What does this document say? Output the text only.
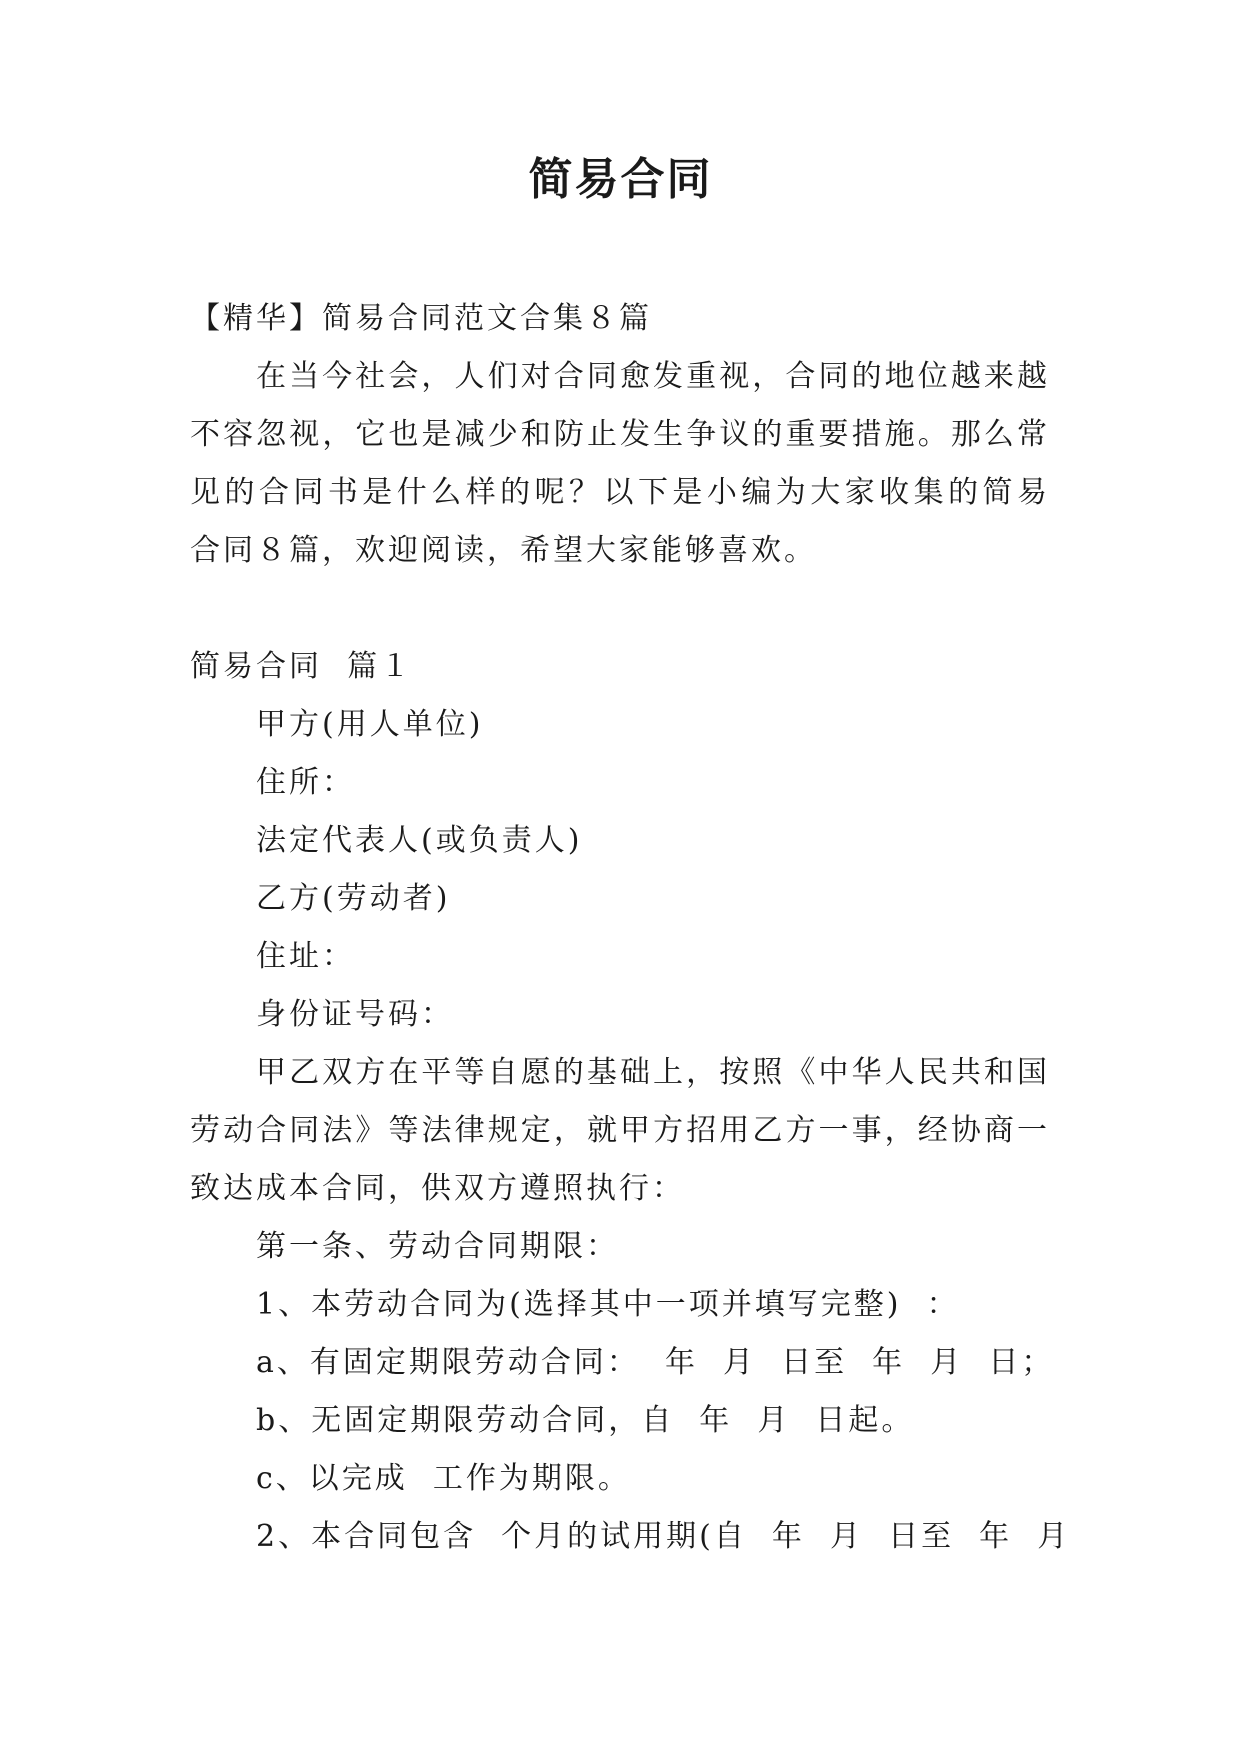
简易合同
【精华】简易合同范文合集８篇
在当今社会，人们对合同愈发重视，合同的地位越来越
不容忽视，它也是减少和防止发生争议的重要措施。那么常
见的合同书是什么样的呢？以下是小编为大家收集的简易
合同８篇，欢迎阅读，希望大家能够喜欢。
简易合同  篇１
甲方(用人单位)
住所：
法定代表人(或负责人)
乙方(劳动者)
住址：
身份证号码：
甲乙双方在平等自愿的基础上，按照《中华人民共和国
劳动合同法》等法律规定，就甲方招用乙方一事，经协商一
致达成本合同，供双方遵照执行：
第一条、劳动合同期限：
1、本劳动合同为(选择其中一项并填写完整)  ：
a、有固定期限劳动合同：  年  月  日至  年  月  日；
b、无固定期限劳动合同，自  年  月  日起。
c、以完成  工作为期限。
2、本合同包含  个月的试用期(自  年  月  日至  年  月
